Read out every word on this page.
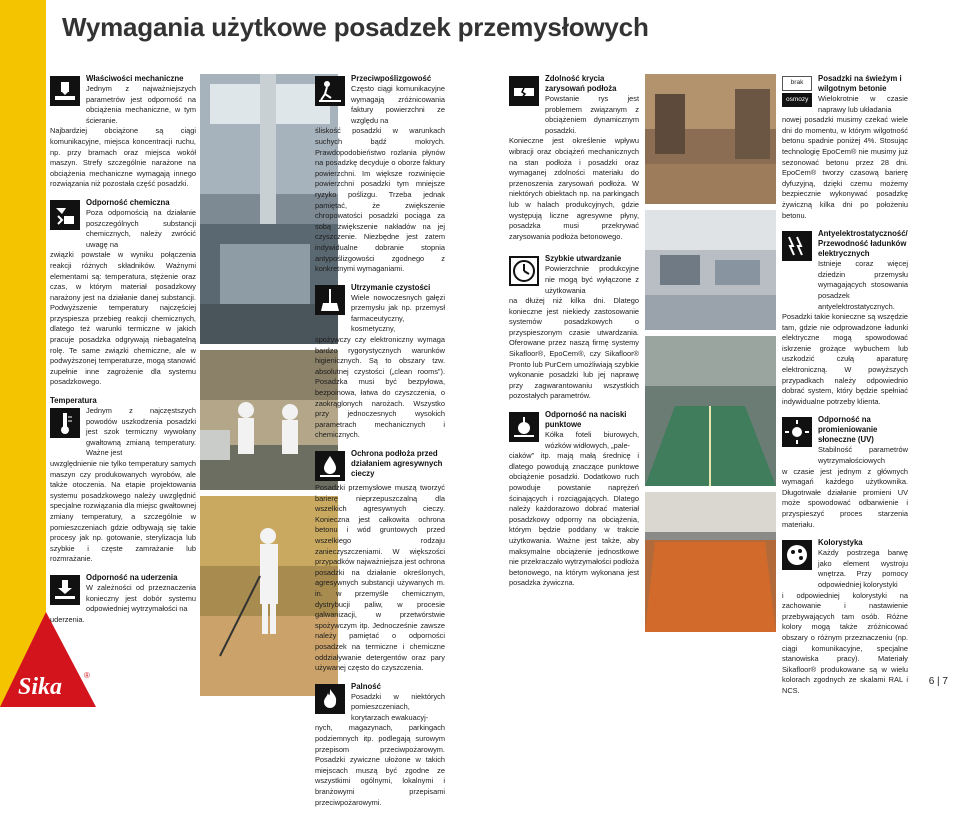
Sika	®
Wymagania użytkowe posadzek przemysłowych
Właściwości mechaniczne

Jednym z najważniejszych parametrów jest odporność na obciążenia mechaniczne, w tym ścieranie.

Najbardziej obciążone są ciągi komunikacyjne, miejsca koncentracji ruchu, np. przy bramach oraz miejsca wokół maszyn. Strefy szczególnie narażone na obciążenia mechaniczne wymagają innego rozwiązania niż pozostała część posadzki.

Odporność chemiczna

Poza odpornością na działanie poszczególnych substancji chemicznych, należy zwrócić uwagę na

związki powstałe w wyniku połączenia reakcji różnych składników. Ważnymi elementami są: temperatura, stężenie oraz czas, w którym materiał posadzkowy narażony jest na działanie danej substancji. Podwyższenie temperatury najczęściej przyspiesza przebieg reakcji chemicznych, dlatego też warunki termiczne w jakich pracuje posadzka odgrywają niebagatelną rolę. Te same związki chemiczne, ale w podwyższonej temperaturze, mogą stanowić zupełnie inne zagrożenie dla systemu posadzkowego.

Temperatura

Jednym z najczęstszych powodów uszkodzenia posadzki jest szok termiczny wywołany gwałtowną zmianą temperatury. Ważne jest

uwzględnienie nie tylko temperatury samych maszyn czy produkowanych wyrobów, ale także otoczenia. Na etapie projektowania systemu posadzkowego należy uwzględnić specjalne rozwiązania dla miejsc gwałtownej zmiany temperatury, a szczególnie w pomieszczeniach gdzie odbywają się takie procesy jak np. gotowanie, sterylizacja lub szybkie i częste zamrażanie lub rozmrażanie.

Odporność na uderzenia

W zależności od przeznaczenia konieczny jest dobór systemu odpowiedniej wytrzymałości na

uderzenia.

Przeciwpoślizgowość

Często ciągi komunikacyjne wymagają zróżnicowania faktury powierzchni ze względu na

śliskość posadzki w warunkach suchych bądź mokrych. Prawdopodobieństwo rozlania płynów na posadzkę decyduje o oborze faktury powierzchni. Im większe rozwinięcie powierzchni posadzki tym mniejsze ryzyko poślizgu. Trzeba jednak pamiętać, że zwiększenie chropowatości posadzki pociąga za sobą zwiększenie nakładów na jej czyszczenie. Niezbędne jest zatem indywidualne dobranie stopnia antypoślizgowości zgodnego z konkretnymi wymaganiami.

Utrzymanie czystości

Wiele nowoczesnych gałęzi przemysłu jak np. przemysł farmaceutyczny, kosmetyczny,

spożywczy czy elektroniczny wymaga bardzo rygorystycznych warunków higienicznych. Są to obszary tzw. absolutnej czystości („clean rooms”). Posadzka musi być bezpyłowa, bezpoinowa, łatwa do czyszczenia, o zaokrąglonych narożach. Wszystko przy jednoczesnych wysokich parametrach mechanicznych i chemicznych.

Ochrona podłoża przed działaniem agresywnych cieczy

Posadzki przemysłowe muszą tworzyć barierę nieprzepuszczalną dla wszelkich agresywnych cieczy. Konieczna jest całkowita ochrona betonu i wód gruntowych przed wszelkiego rodzaju zanieczyszczeniami. W większości przypadków najważniejsza jest ochrona posadzki na działanie określonych, agresywnych substancji używanych m. in. w przemyśle chemicznym, dystrybucji paliw, w procesie galwanizacji, w przetwórstwie spożywczym itp. Jednocześnie zawsze należy pamiętać o odporności posadzek na termiczne i chemiczne oddziaływanie detergentów oraz pary używanej często do czyszczenia.

Palność

Posadzki w niektórych pomieszczeniach, korytarzach ewakuacyj-

nych, magazynach, parkingach podziemnych itp. podlegają surowym przepisom przeciwpożarowym. Posadzki zywiczne ułożone w takich miejscach muszą być zgodne ze wszystkimi ogólnymi, lokalnymi i branżowymi przepisami przeciwpożarowymi.

Zdolność krycia zarysowań podłoża

Powstanie rys jest problemem związanym z obciążeniem dynamicznym posadzki.

Konieczne jest określenie wpływu wibracji oraz obciążeń mechanicznych na stan podłoża i posadzki oraz wymaganej zdolności materiału do przenoszenia zarysowań podłoża. W niektórych obiektach np. na parkingach lub w halach produkcyjnych, gdzie występują liczne agresywne płyny, posadzka musi przekrywać zarysowania podłoża betonowego.

Szybkie utwardzanie

Powierzchnie produkcyjne nie mogą być wyłączone z użytkowania

na dłużej niż kilka dni. Dlatego konieczne jest niekiedy zastosowanie systemów posadzkowych o przyspieszonym czasie utwardzania. Oferowane przez naszą firmę systemy Sikafloor®, EpoCem®, czy Sikafloor® Pronto lub PurCem umożliwiają szybkie wykonanie posadzki lub jej naprawę przy zagwarantowaniu wszystkich pozostałych parametrów.

Odporność na naciski punktowe

Kółka foteli biurowych, wózków widłowych, „pale-

ciaków” itp. mają małą średnicę i dlatego powodują znaczące punktowe obciążenie posadzki. Dodatkowo ruch powoduje powstanie naprężeń ścinających i rozciągających. Dlatego należy każdorazowo dobrać materiał posadzkowy odporny na obciążenia, którym będzie poddany w trakcie użytkowania. Ważne jest także, aby maksymalne obciążenie jednostkowe nie przekraczało wytrzymałości podłoża betonowego, na którym wykonana jest posadzka żywiczna.

brak osmozy
Posadzki na świeżym i wilgotnym betonie

Wielokrotnie w czasie naprawy lub układania

nowej posadzki musimy czekać wiele dni do momentu, w którym wilgotność betonu spadnie poniżej 4%. Stosując technologię EpoCem® nie musimy już sezonować betonu przez 28 dni. EpoCem® tworzy czasową barierę dyfuzyjną, dzięki czemu możemy bezpiecznie wykonywać posadzkę żywiczną kilka dni po położeniu betonu.

Antyelektrostatyczność/ Przewodność ładunków elektrycznych

Istnieje coraz więcej dziedzin przemysłu wymagających stosowania posadzek antyelektrostatycznych.

Posadzki takie konieczne są wszędzie tam, gdzie nie odprowadzone ładunki elektryczne mogą spowodować iskrzenie grożące wybuchem lub uszkodzić czułą aparaturę elektroniczną. W powyższych przypadkach należy odpowiednio dobrać system, który będzie spełniać indywidualne potrzeby klienta.

Odporność na promieniowanie słoneczne (UV)

Stabilność parametrów wytrzymałościowych

w czasie jest jednym z głównych wymagań każdego użytkownika. Długotrwałe działanie promieni UV może spowodować odbarwienie i przyspieszyć proces starzenia materiału.

Kolorystyka

Każdy postrzega barwę jako element wystroju wnętrza. Przy pomocy odpowiedniej kolorystyki

i odpowiedniej kolorystyki na zachowanie i nastawienie przebywających tam osób. Różne kolory mogą także zróżnicować obszary o różnym przeznaczeniu (np. ciągi komunikacyjne, specjalne stanowiska pracy). Materiały Sikafloor® produkowane są w wielu kolorach zgodnych ze skalami RAL i NCS.

6 | 7
